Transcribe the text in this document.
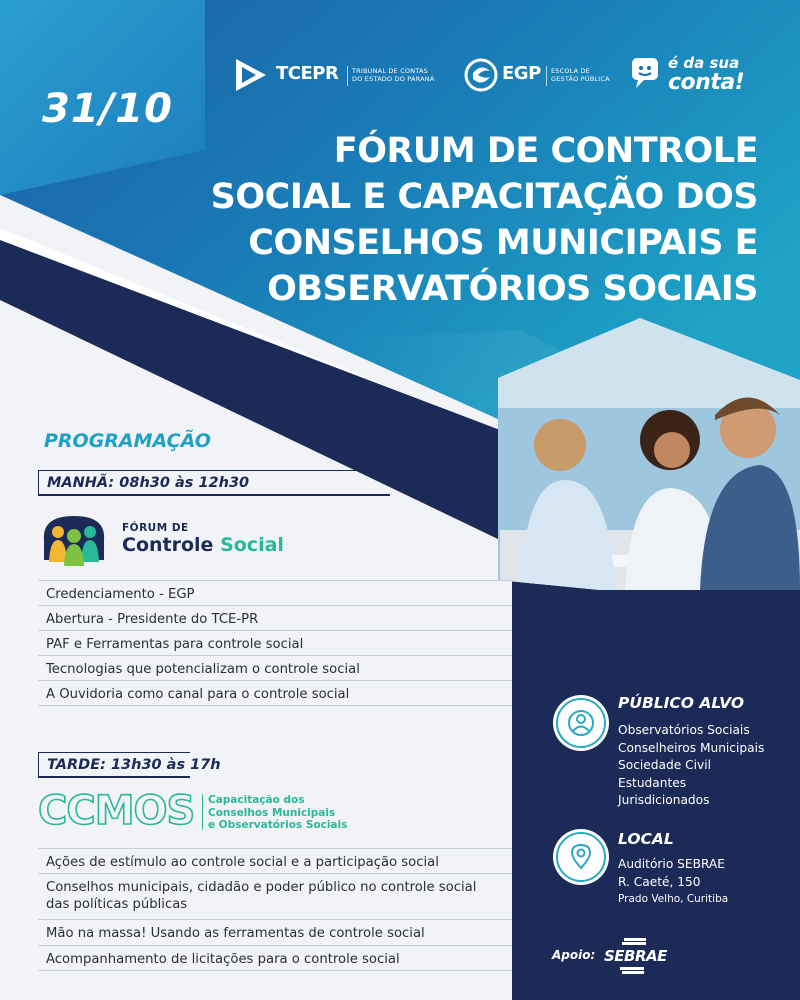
TCEPR TRIBUNAL DE CONTAS
DO ESTADO DO PARANÁ	EGP ESCOLA DE
GESTÃO PÚBLICA
é da sua
conta!
31/10
FÓRUM DE CONTROLE
SOCIAL E CAPACITAÇÃO DOS
CONSELHOS MUNICIPAIS E
OBSERVATÓRIOS SOCIAIS
PROGRAMAÇÃO
MANHÃ: 08h30 às 12h30
FÓRUM DE
Controle Social
Credenciamento - EGP
Abertura - Presidente do TCE-PR
PAF e Ferramentas para controle social
Tecnologias que potencializam o controle social
A Ouvidoria como canal para o controle social
TARDE: 13h30 às 17h
CCMOS Capacitação dos
Conselhos Municipais
e Observatórios Sociais
Ações de estímulo ao controle social e a participação social
Conselhos municipais, cidadão e poder público no controle social das políticas públicas
Mão na massa! Usando as ferramentas de controle social
Acompanhamento de licitações para o controle social
PÚBLICO ALVO
Observatórios Sociais
Conselheiros Municipais
Sociedade Civil
Estudantes
Jurisdicionados
LOCAL
Auditório SEBRAE
R. Caeté, 150
Prado Velho, Curitiba
Apoio: SEBRAE
